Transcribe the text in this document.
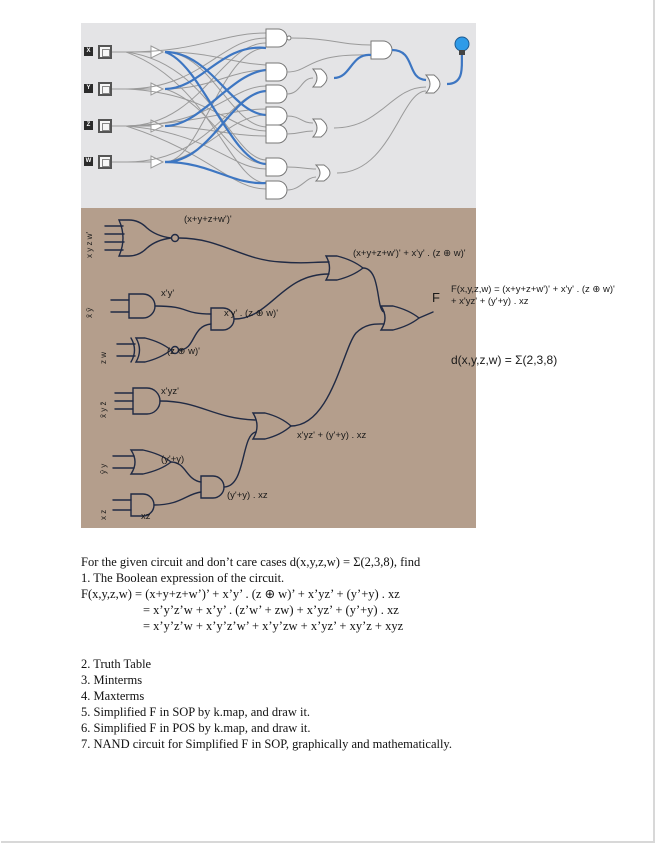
X
Y
Z
W
x y z w'
x̄ ȳ
z w
x̄ y z̄
ȳ y
x z
(x+y+z+w')'
x'y'
(z ⊕ w)'
x'y' . (z ⊕ w)'
(x+y+z+w')' + x'y' . (z ⊕ w)'
x'yz'
(y'+y)
xz
(y'+y) . xz
x'yz' + (y'+y) . xz
F
F(x,y,z,w) = (x+y+z+w')' + x'y' . (z ⊕ w)'
+ x'yz' + (y'+y) . xz
d(x,y,z,w) = Σ(2,3,8)
For the given circuit and don’t care cases d(x,y,z,w) = Σ(2,3,8), find
1. The Boolean expression of the circuit.
F(x,y,z,w) = (x+y+z+w’)’ + x’y’ . (z ⊕ w)’ + x’yz’ + (y’+y) . xz
= x’y’z’w + x’y’ . (z’w’ + zw) + x’yz’ + (y’+y) . xz
= x’y’z’w + x’y’z’w’ + x’y’zw + x’yz’ + xy’z + xyz
2. Truth Table
3. Minterms
4. Maxterms
5. Simplified F in SOP by k.map, and draw it.
6. Simplified F in POS by k.map, and draw it.
7. NAND circuit for Simplified F in SOP, graphically and mathematically.
